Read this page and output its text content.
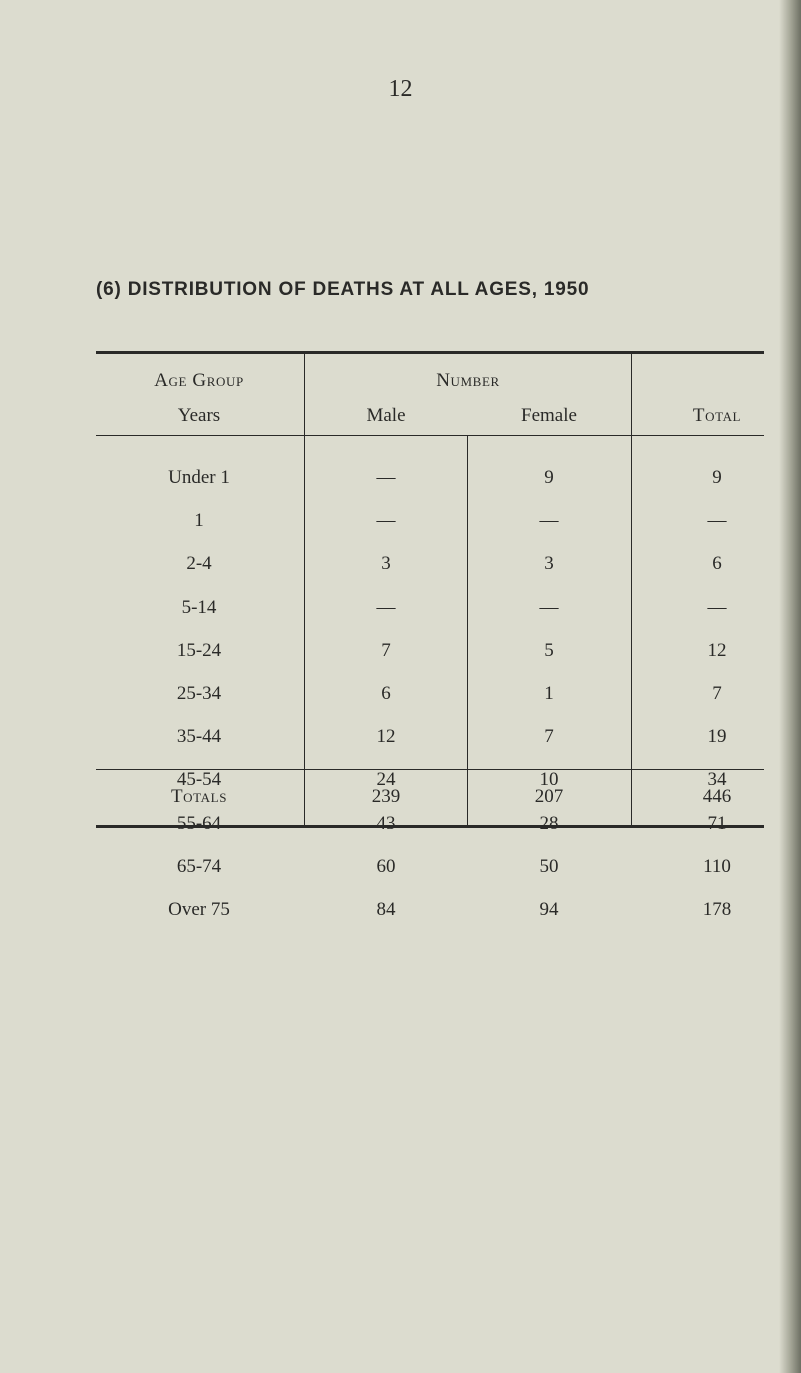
12
(6) DISTRIBUTION OF DEATHS AT ALL AGES, 1950
Age Group
Years
Number
Male	Female	Total
Under 1	—	9	9
1	—	—	—
2-4	3	3	6
5-14	—	—	—
15-24	7	5	12
25-34	6	1	7
35-44	12	7	19
45-54	24	10	34
55-64	43	28	71
65-74	60	50	110
Over 75	84	94	178
Totals	239	207	446
